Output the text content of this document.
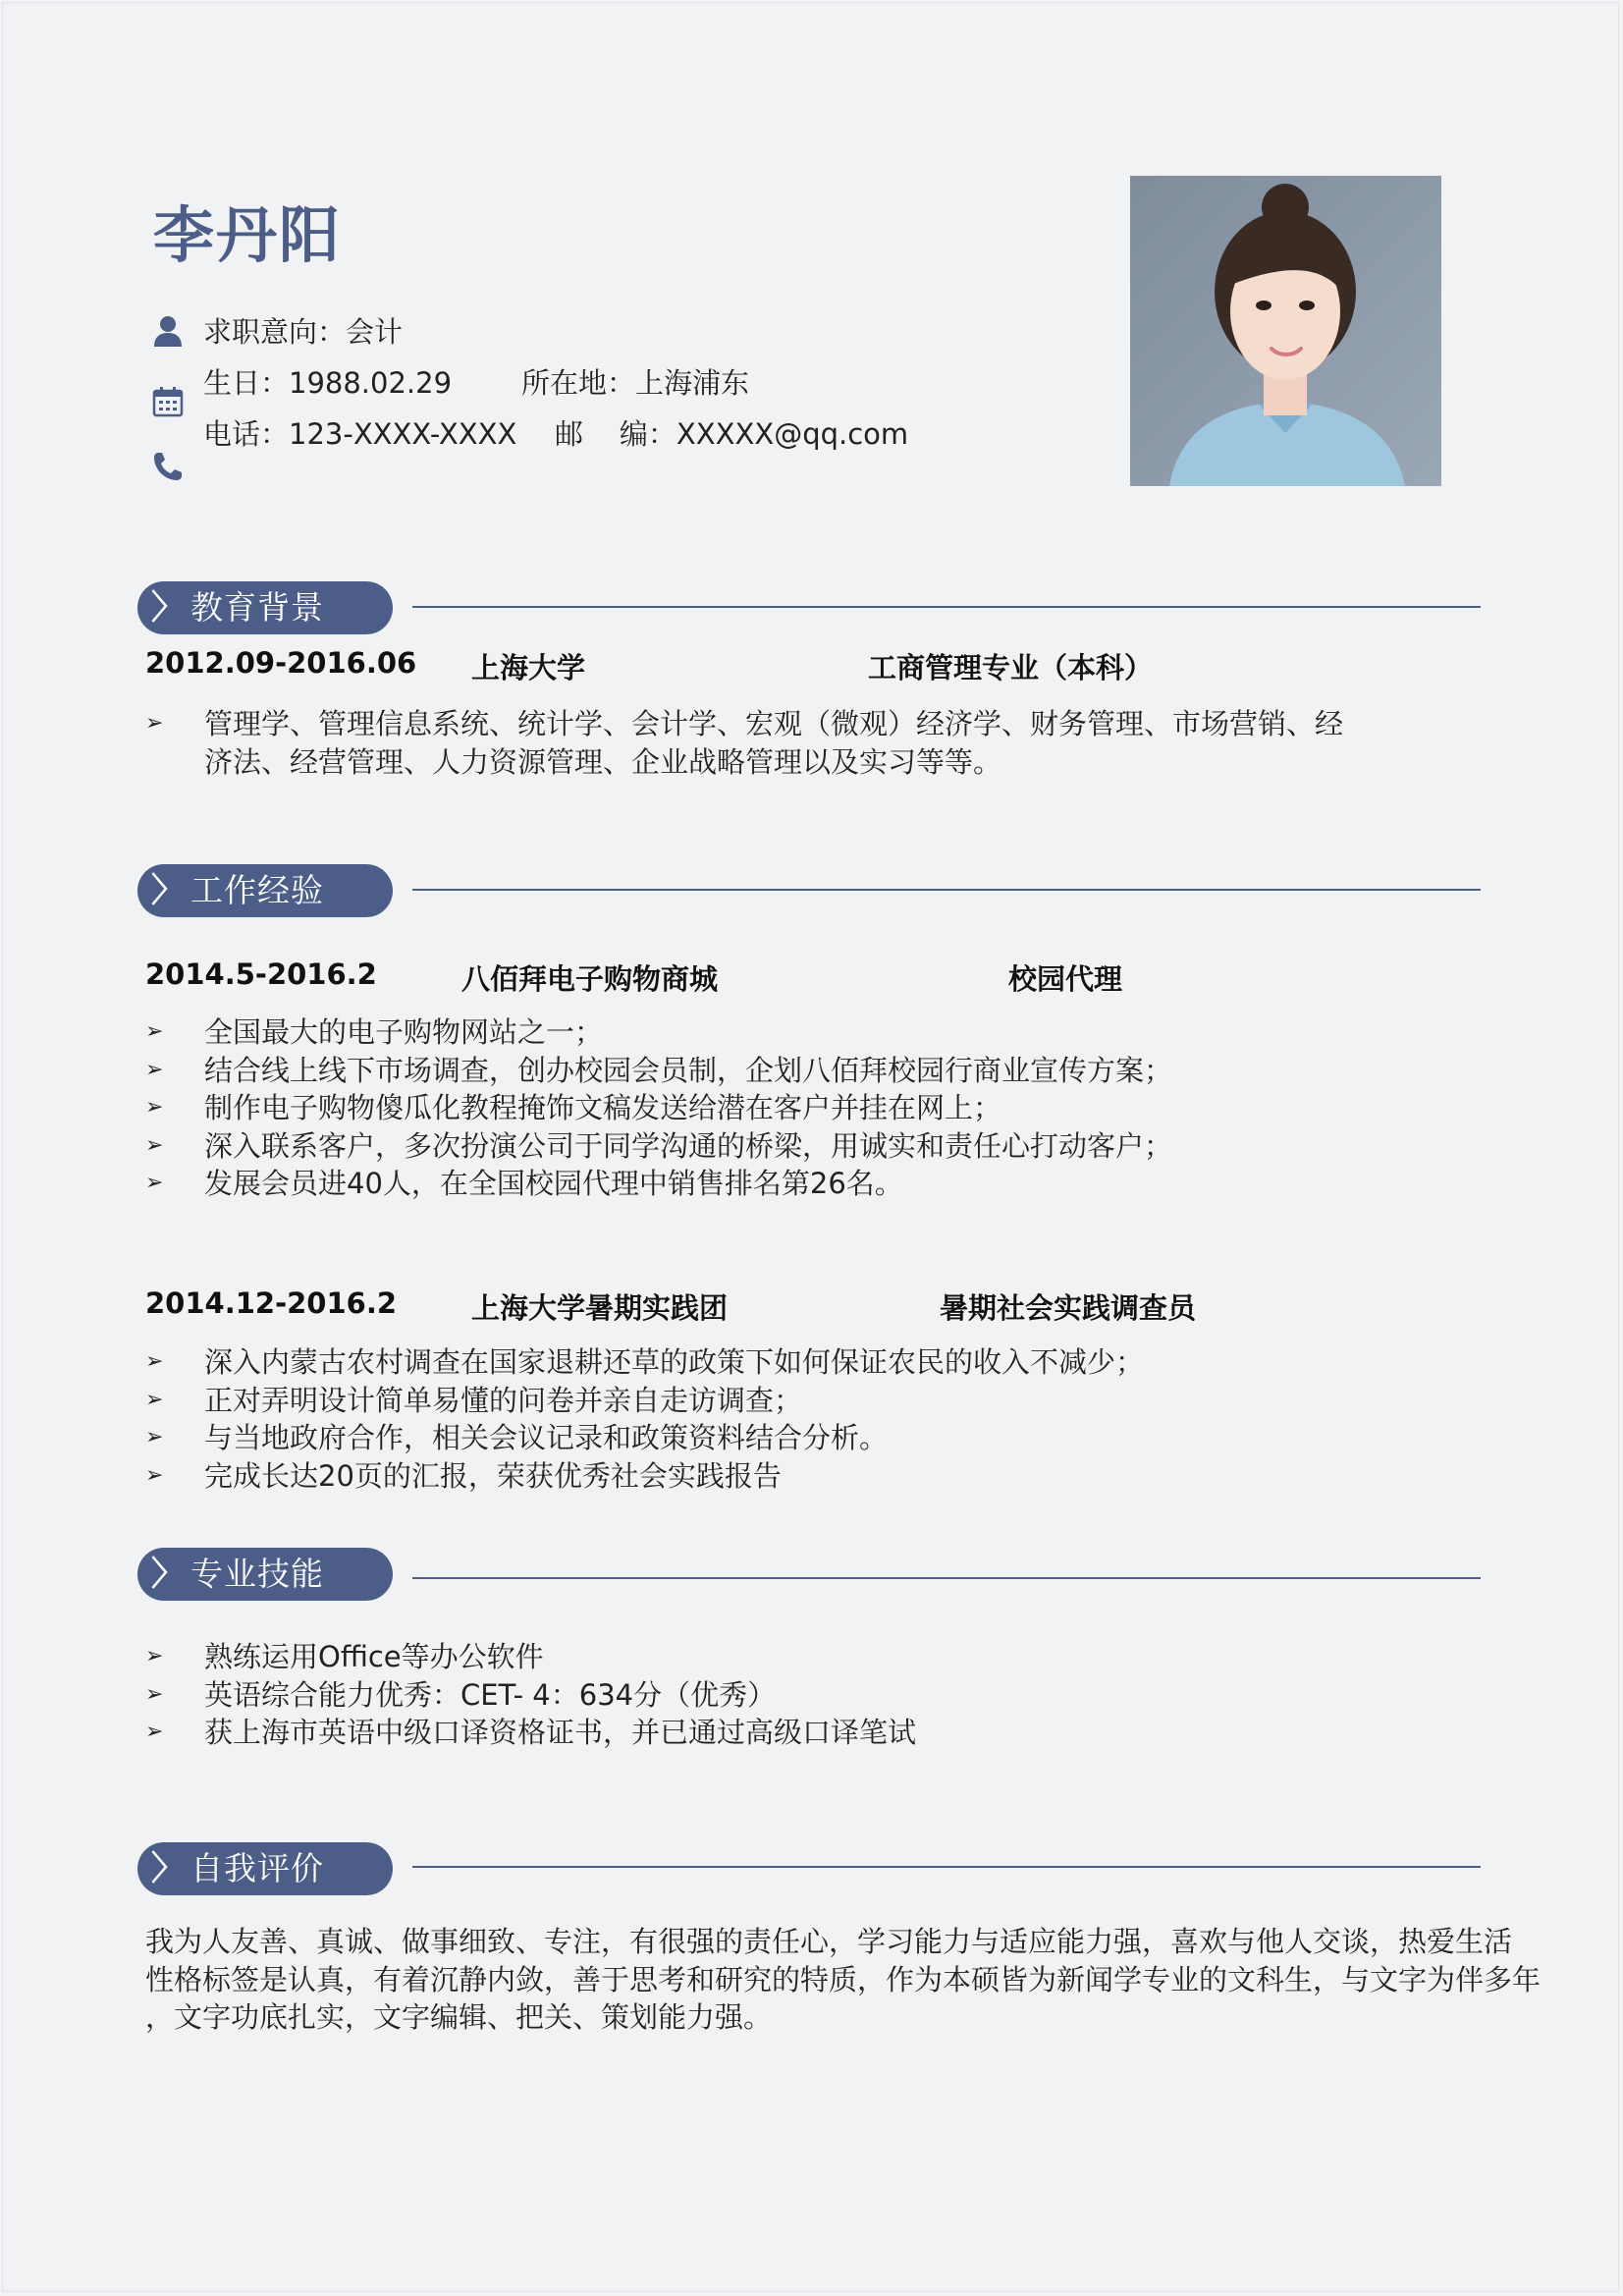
李丹阳
求职意向：会计
生日：1988.02.29 所在地：上海浦东
电话：123-XXXX-XXXX 邮    编：XXXXX@qq.com
〉 教育背景
2012.09-2016.06 上海大学	工商管理专业（本科）
➢	管理学、管理信息系统、统计学、会计学、宏观（微观）经济学、财务管理、市场营销、经
济法、经营管理、人力资源管理、企业战略管理以及实习等等。
〉 工作经验
2014.5-2016.2	八佰拜电子购物商城	校园代理
➢ 全国最大的电子购物网站之一；
➢ 结合线上线下市场调查，创办校园会员制，企划八佰拜校园行商业宣传方案；
➢ 制作电子购物傻瓜化教程掩饰文稿发送给潜在客户并挂在网上；
➢ 深入联系客户，多次扮演公司于同学沟通的桥梁，用诚实和责任心打动客户；
➢ 发展会员进40人，在全国校园代理中销售排名第26名。
2014.12-2016.2	上海大学暑期实践团	暑期社会实践调查员
➢ 深入内蒙古农村调查在国家退耕还草的政策下如何保证农民的收入不减少；
➢ 正对弄明设计简单易懂的问卷并亲自走访调查；
➢ 与当地政府合作，相关会议记录和政策资料结合分析。
➢ 完成长达20页的汇报，荣获优秀社会实践报告
〉 专业技能
➢ 熟练运用Office等办公软件
➢ 英语综合能力优秀：CET- 4：634分（优秀）
➢ 获上海市英语中级口译资格证书，并已通过高级口译笔试
〉 自我评价
我为人友善、真诚、做事细致、专注，有很强的责任心，学习能力与适应能力强，喜欢与他人交谈，热爱生活
性格标签是认真，有着沉静内敛，善于思考和研究的特质，作为本硕皆为新闻学专业的文科生，与文字为伴多年
，文字功底扎实，文字编辑、把关、策划能力强。
